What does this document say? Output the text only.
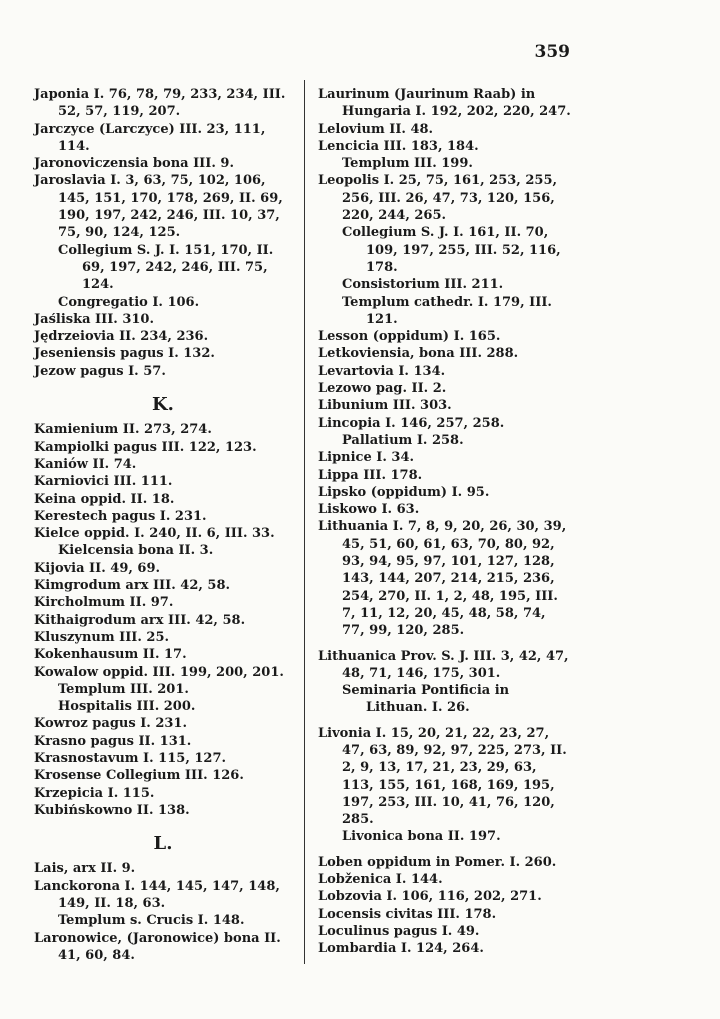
359
Japonia I. 76, 78, 79, 233, 234, III. 52, 57, 119, 207.
Jarczyce (Larczyce) III. 23, 111, 114.
Jaronoviczensia bona III. 9.
Jaroslavia I. 3, 63, 75, 102, 106, 145, 151, 170, 178, 269, II. 69, 190, 197, 242, 246, III. 10, 37, 75, 90, 124, 125.
Collegium S. J. I. 151, 170, II. 69, 197, 242, 246, III. 75, 124.
Congregatio I. 106.
Jaśliska III. 310.
Jędrzeiovia II. 234, 236.
Jeseniensis pagus I. 132.
Jezow pagus I. 57.
K.
Kamienium II. 273, 274.
Kampiolki pagus III. 122, 123.
Kaniów II. 74.
Karniovici III. 111.
Keina oppid. II. 18.
Kerestech pagus I. 231.
Kielce oppid. I. 240, II. 6, III. 33.
Kielcensia bona II. 3.
Kijovia II. 49, 69.
Kimgrodum arx III. 42, 58.
Kircholmum II. 97.
Kithaigrodum arx III. 42, 58.
Kluszynum III. 25.
Kokenhausum II. 17.
Kowalow oppid. III. 199, 200, 201.
Templum III. 201.
Hospitalis III. 200.
Kowroz pagus I. 231.
Krasno pagus II. 131.
Krasnostavum I. 115, 127.
Krosense Collegium III. 126.
Krzepicia I. 115.
Kubińskowno II. 138.
L.
Lais, arx II. 9.
Lanckorona I. 144, 145, 147, 148, 149, II. 18, 63.
Templum s. Crucis I. 148.
Laronowice, (Jaronowice) bona II. 41, 60, 84.
Laurinum (Jaurinum Raab) in Hungaria I. 192, 202, 220, 247.
Lelovium II. 48.
Lencicia III. 183, 184.
Templum III. 199.
Leopolis I. 25, 75, 161, 253, 255, 256, III. 26, 47, 73, 120, 156, 220, 244, 265.
Collegium S. J. I. 161, II. 70, 109, 197, 255, III. 52, 116, 178.
Consistorium III. 211.
Templum cathedr. I. 179, III. 121.
Lesson (oppidum) I. 165.
Letkoviensia, bona III. 288.
Levartovia I. 134.
Lezowo pag. II. 2.
Libunium III. 303.
Lincopia I. 146, 257, 258.
Pallatium I. 258.
Lipnice I. 34.
Lippa III. 178.
Lipsko (oppidum) I. 95.
Liskowo I. 63.
Lithuania I. 7, 8, 9, 20, 26, 30, 39, 45, 51, 60, 61, 63, 70, 80, 92, 93, 94, 95, 97, 101, 127, 128, 143, 144, 207, 214, 215, 236, 254, 270, II. 1, 2, 48, 195, III. 7, 11, 12, 20, 45, 48, 58, 74, 77, 99, 120, 285.
Lithuanica Prov. S. J. III. 3, 42, 47, 48, 71, 146, 175, 301.
Seminaria Pontificia in Lithuan. I. 26.
Livonia I. 15, 20, 21, 22, 23, 27, 47, 63, 89, 92, 97, 225, 273, II. 2, 9, 13, 17, 21, 23, 29, 63, 113, 155, 161, 168, 169, 195, 197, 253, III. 10, 41, 76, 120, 285.
Livonica bona II. 197.
Loben oppidum in Pomer. I. 260.
Lobženica I. 144.
Lobzovia I. 106, 116, 202, 271.
Locensis civitas III. 178.
Loculinus pagus I. 49.
Lombardia I. 124, 264.
